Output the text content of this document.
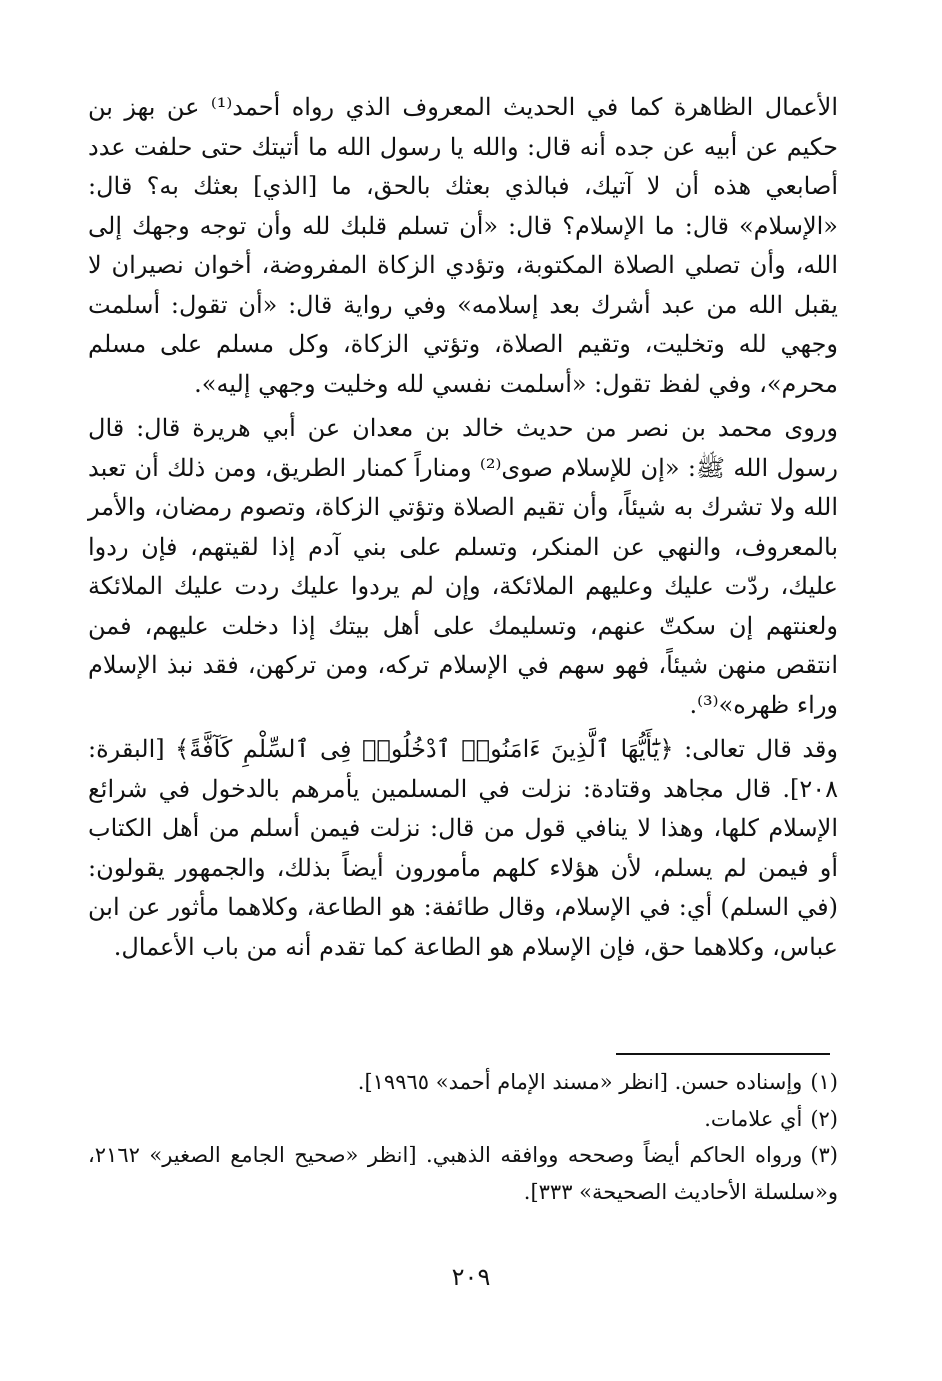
الأعمال الظاهرة كما في الحديث المعروف الذي رواه أحمد⁽¹⁾ عن بهز بن حكيم عن أبيه عن جده أنه قال: والله يا رسول الله ما أتيتك حتى حلفت عدد أصابعي هذه أن لا آتيك، فبالذي بعثك بالحق، ما [الذي] بعثك به؟ قال: «الإسلام» قال: ما الإسلام؟ قال: «أن تسلم قلبك لله وأن توجه وجهك إلى الله، وأن تصلي الصلاة المكتوبة، وتؤدي الزكاة المفروضة، أخوان نصيران لا يقبل الله من عبد أشرك بعد إسلامه» وفي رواية قال: «أن تقول: أسلمت وجهي لله وتخليت، وتقيم الصلاة، وتؤتي الزكاة، وكل مسلم على مسلم محرم»، وفي لفظ تقول: «أسلمت نفسي لله وخليت وجهي إليه».

وروى محمد بن نصر من حديث خالد بن معدان عن أبي هريرة قال: قال رسول الله ﷺ: «إن للإسلام صوى⁽²⁾ ومناراً كمنار الطريق، ومن ذلك أن تعبد الله ولا تشرك به شيئاً، وأن تقيم الصلاة وتؤتي الزكاة، وتصوم رمضان، والأمر بالمعروف، والنهي عن المنكر، وتسلم على بني آدم إذا لقيتهم، فإن ردوا عليك، ردّت عليك وعليهم الملائكة، وإن لم يردوا عليك ردت عليك الملائكة ولعنتهم إن سكتّ عنهم، وتسليمك على أهل بيتك إذا دخلت عليهم، فمن انتقص منهن شيئاً، فهو سهم في الإسلام تركه، ومن تركهن، فقد نبذ الإسلام وراء ظهره»⁽³⁾.

وقد قال تعالى: ﴿يَٰٓأَيُّهَا ٱلَّذِينَ ءَامَنُوا۟ ٱدْخُلُوا۟ فِى ٱلسِّلْمِ كَآفَّةً﴾ [البقرة: ٢٠٨]. قال مجاهد وقتادة: نزلت في المسلمين يأمرهم بالدخول في شرائع الإسلام كلها، وهذا لا ينافي قول من قال: نزلت فيمن أسلم من أهل الكتاب أو فيمن لم يسلم، لأن هؤلاء كلهم مأمورون أيضاً بذلك، والجمهور يقولون: (في السلم) أي: في الإسلام، وقال طائفة: هو الطاعة، وكلاهما مأثور عن ابن عباس، وكلاهما حق، فإن الإسلام هو الطاعة كما تقدم أنه من باب الأعمال.

(١)وإسناده حسن. [انظر «مسند الإمام أحمد» ١٩٩٦٥].

(٢)أي علامات.

(٣)ورواه الحاكم أيضاً وصححه ووافقه الذهبي. [انظر «صحيح الجامع الصغير» ٢١٦٢، و«سلسلة الأحاديث الصحيحة» ٣٣٣].

٢٠٩
